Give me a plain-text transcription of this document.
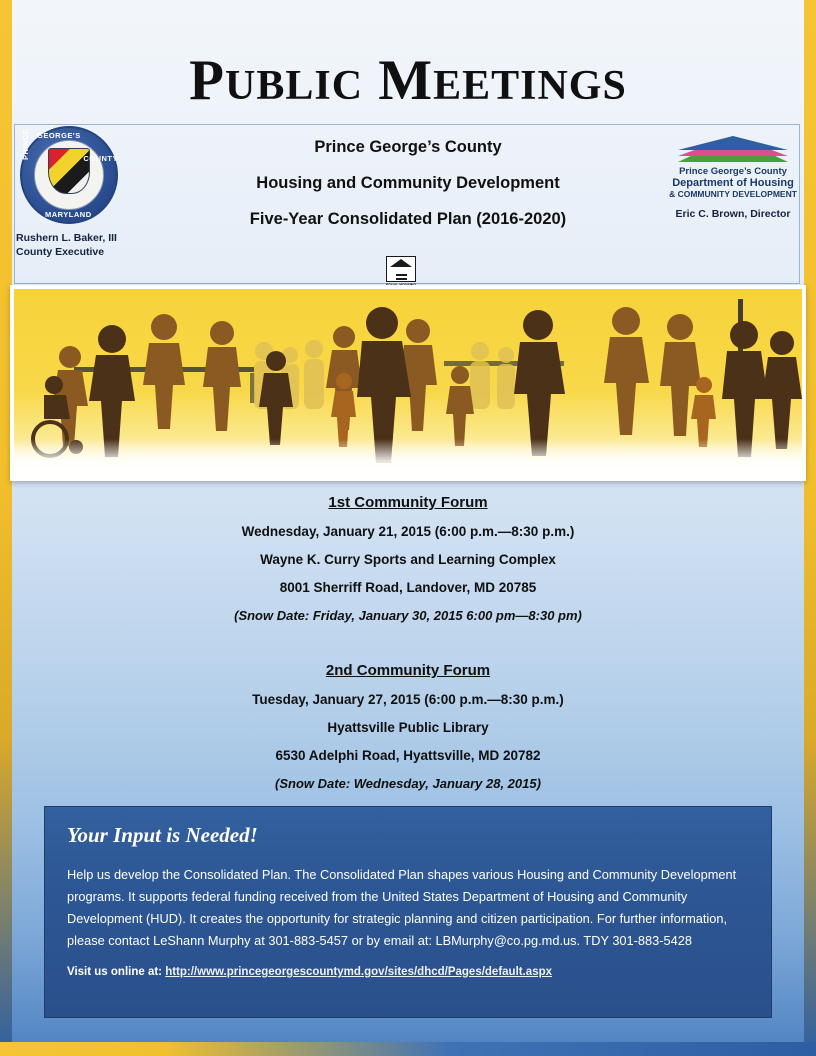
PUBLIC MEETINGS
GEORGE'S
PRINCE	COUNTY
MARYLAND
Rushern L. Baker, III
County Executive
Prince George’s County
Housing and Community Development
Five-Year Consolidated Plan (2016-2020)
Prince George’s County
Department of Housing
& COMMUNITY DEVELOPMENT
Eric C. Brown, Director
1st Community Forum
Wednesday, January 21, 2015 (6:00 p.m.—8:30 p.m.)
Wayne K. Curry Sports and Learning Complex
8001 Sherriff Road, Landover, MD 20785
(Snow Date: Friday, January 30, 2015 6:00 pm—8:30 pm)
2nd Community Forum
Tuesday, January 27, 2015 (6:00 p.m.—8:30 p.m.)
Hyattsville Public Library
6530 Adelphi Road, Hyattsville, MD 20782
(Snow Date: Wednesday, January 28, 2015)
Your Input is Needed!
Help us develop the Consolidated Plan. The Consolidated Plan shapes various Housing and Community Development programs. It supports federal funding received from the United States Department of Housing and Community Development (HUD). It creates the opportunity for strategic planning and citizen participation. For further information, please contact LeShann Murphy at 301-883-5457 or by email at: LBMurphy@co.pg.md.us. TDY 301-883-5428
Visit us online at: http://www.princegeorgescountymd.gov/sites/dhcd/Pages/default.aspx
